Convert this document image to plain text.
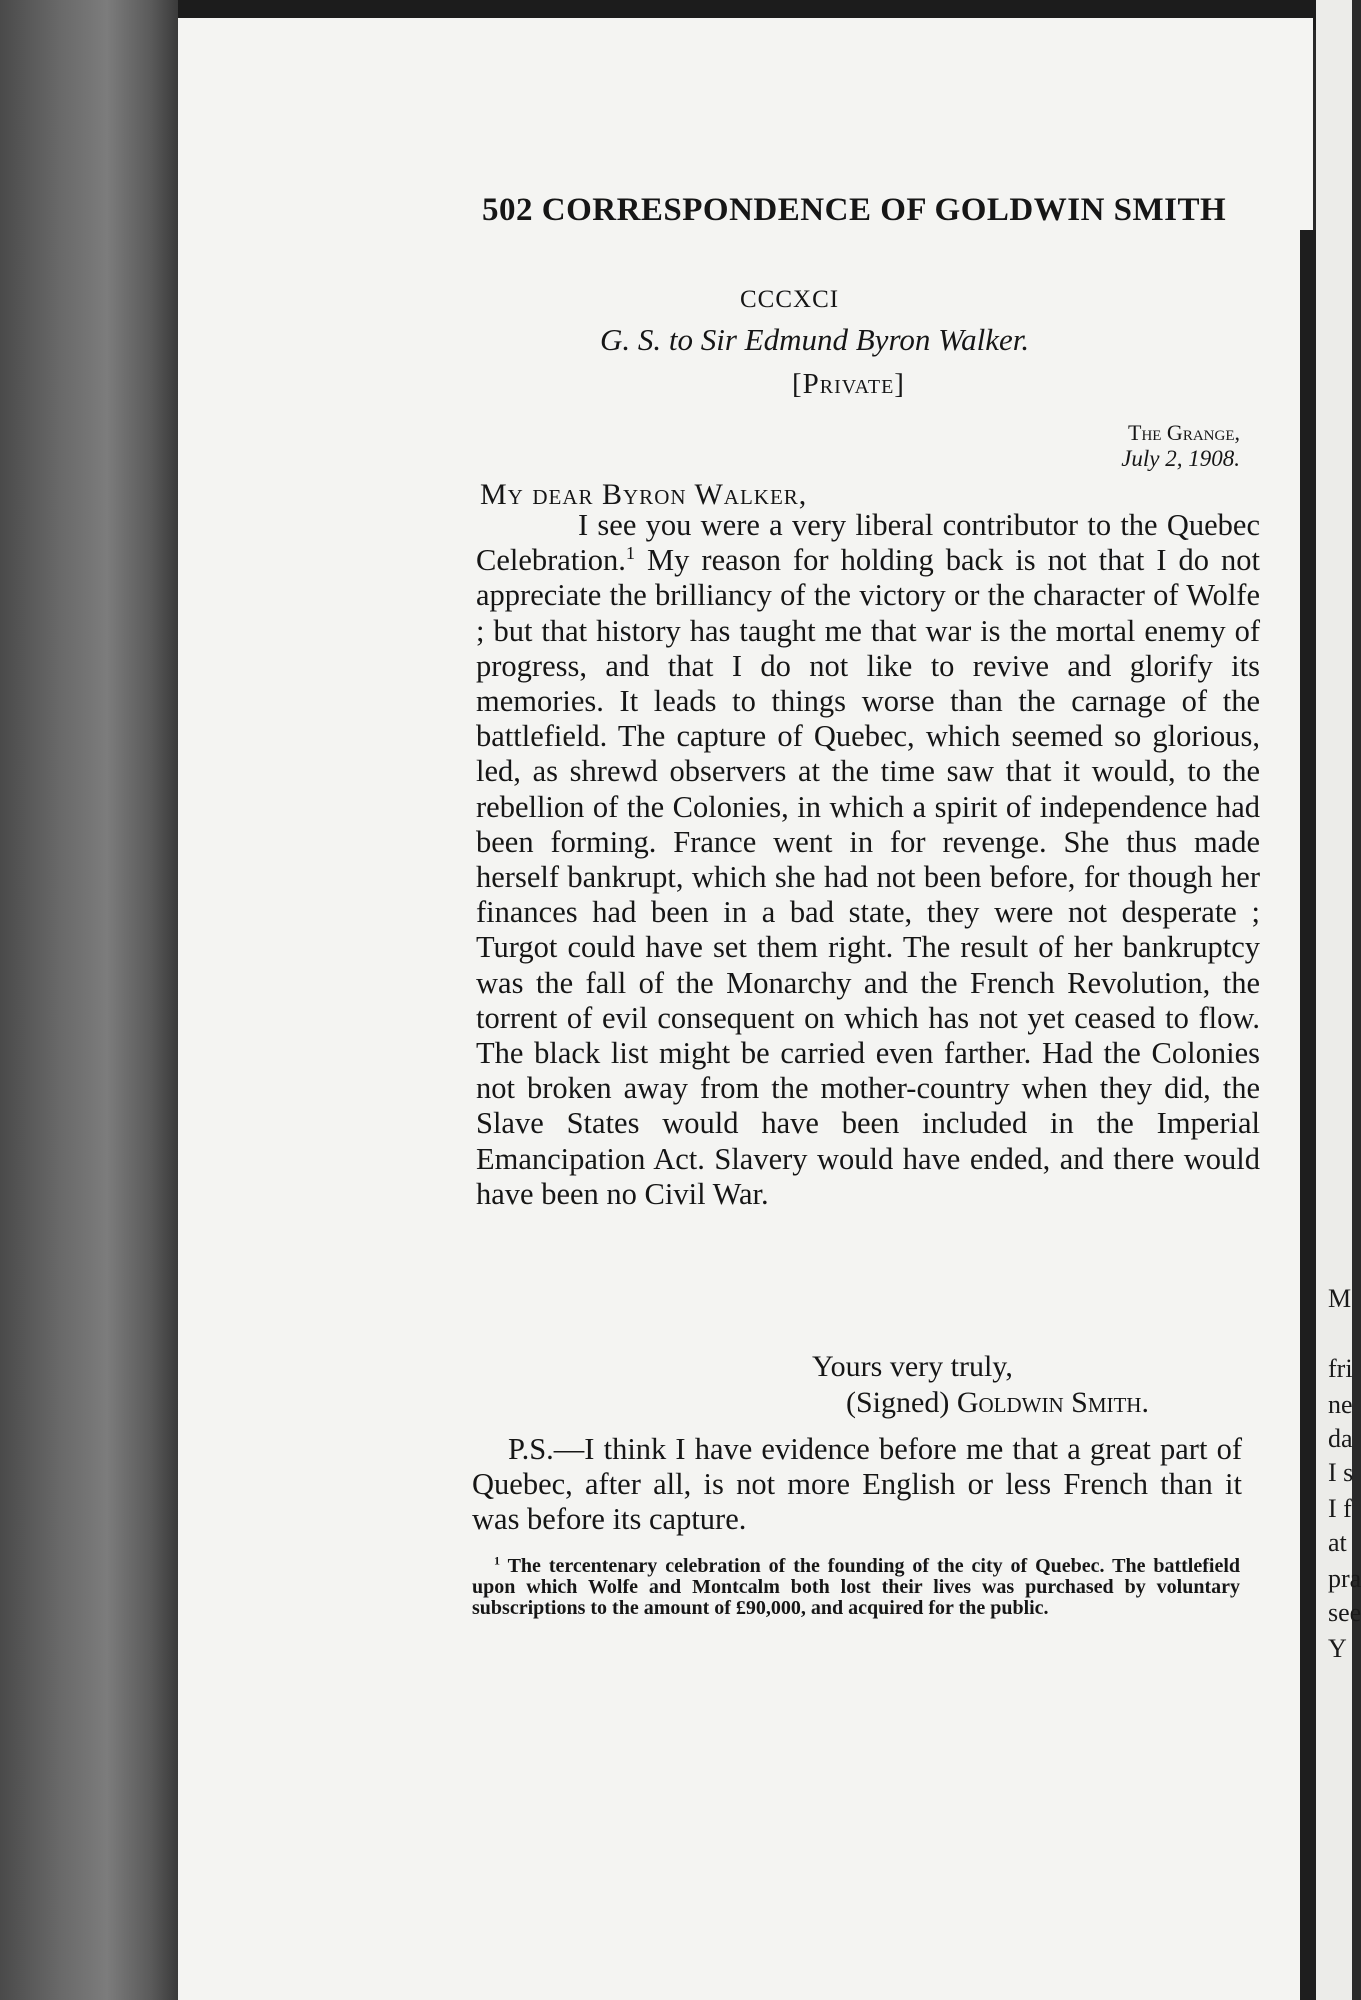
502 CORRESPONDENCE OF GOLDWIN SMITH
CCCXCI
G. S. to Sir Edmund Byron Walker.
[Private]
The Grange,
July 2, 1908.
My dear Byron Walker,

I see you were a very liberal contributor to the Quebec Celebration.$^1$ My reason for holding back is not that I do not appreciate the brilliancy of the victory or the character of Wolfe ; but that history has taught me that war is the mortal enemy of progress, and that I do not like to revive and glorify its memories. It leads to things worse than the carnage of the battlefield. The capture of Quebec, which seemed so glorious, led, as shrewd observers at the time saw that it would, to the rebellion of the Colonies, in which a spirit of independence had been forming. France went in for revenge. She thus made herself bankrupt, which she had not been before, for though her finances had been in a bad state, they were not desperate ; Turgot could have set them right. The result of her bankruptcy was the fall of the Monarchy and the French Revolution, the torrent of evil consequent on which has not yet ceased to flow. The black list might be carried even farther. Had the Colonies not broken away from the mother-country when they did, the Slave States would have been included in the Imperial Emancipation Act. Slavery would have ended, and there would have been no Civil War.

Yours very truly,
(Signed) Goldwin Smith.

P.S.—I think I have evidence before me that a great part of Quebec, after all, is not more English or less French than it was before its capture.

$^1$ The tercentenary celebration of the founding of the city of Quebec. The battlefield upon which Wolfe and Montcalm both lost their lives was purchased by voluntary subscriptions to the amount of £90,000, and acquired for the public.

M
fri
ne
da
I s
I f
at
pra
see
Y
